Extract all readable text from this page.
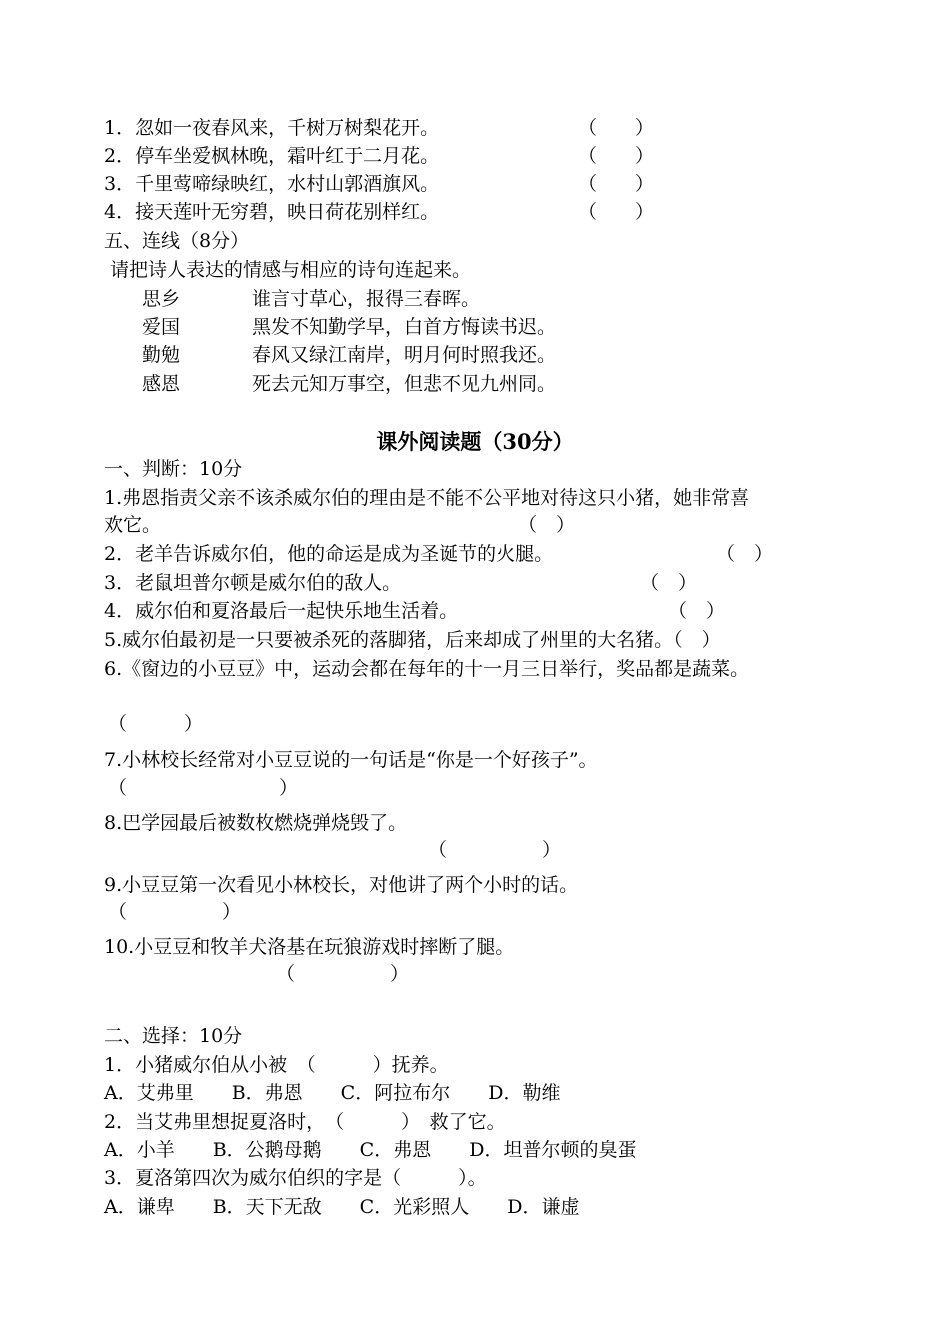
1．忽如一夜春风来，千树万树梨花开。	（　　）
2．停车坐爱枫林晚，霜叶红于二月花。	（　　）
3．千里莺啼绿映红，水村山郭酒旗风。	（　　）
4．接天莲叶无穷碧，映日荷花别样红。	（　　）
五、连线（8分）
请把诗人表达的情感与相应的诗句连起来。
思乡	谁言寸草心，报得三春晖。
爱国	黑发不知勤学早，白首方悔读书迟。
勤勉	春风又绿江南岸，明月何时照我还。
感恩	死去元知万事空，但悲不见九州同。
课外阅读题（30分）
一、判断：10分
1.弗恩指责父亲不该杀威尔伯的理由是不能不公平地对待这只小猪，她非常喜
欢它。	（　）
2．老羊告诉威尔伯，他的命运是成为圣诞节的火腿。	（　）
3．老鼠坦普尔顿是威尔伯的敌人。	（　）
4．威尔伯和夏洛最后一起快乐地生活着。	（　）
5.威尔伯最初是一只要被杀死的落脚猪，后来却成了州里的大名猪。（　）
6.《窗边的小豆豆》中，运动会都在每年的十一月三日举行，奖品都是蔬菜。
（　　　）
7.小林校长经常对小豆豆说的一句话是“你是一个好孩子”。
（　　　　　　　　）
8.巴学园最后被数枚燃烧弹烧毁了。
（　　　　　）
9.小豆豆第一次看见小林校长，对他讲了两个小时的话。
（　　　　　）
10.小豆豆和牧羊犬洛基在玩狼游戏时摔断了腿。
（　　　　　）
二、选择：10分
1．小猪威尔伯从小被　（　　　）抚养。
A．艾弗里　　B．弗恩　　C．阿拉布尔　　D．勒维
2．当艾弗里想捉夏洛时，　（　　　）　救了它。
A．小羊　　B．公鹅母鹅　　C．弗恩　　D．坦普尔顿的臭蛋
3．夏洛第四次为威尔伯织的字是（　　　）。
A．谦卑　　B．天下无敌　　C．光彩照人　　D．谦虚
